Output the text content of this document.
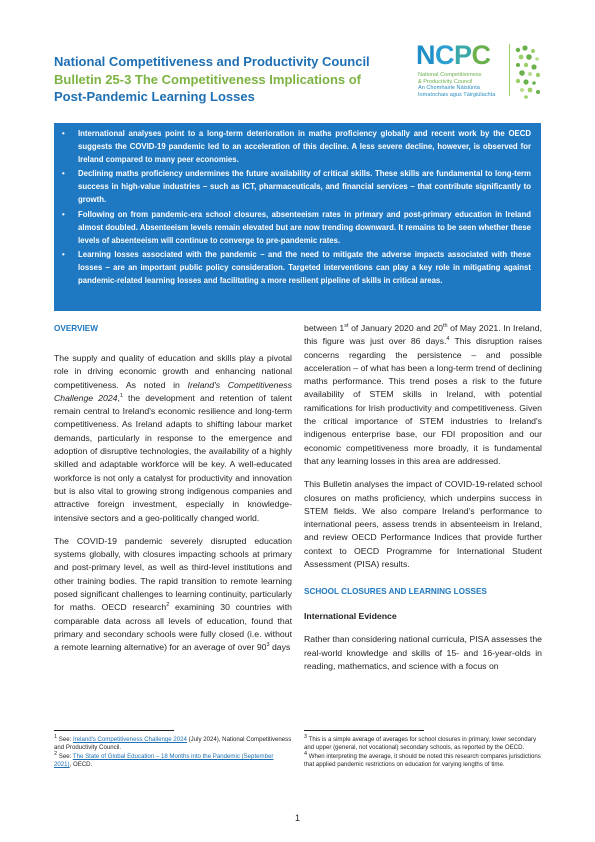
National Competitiveness and Productivity Council
Bulletin 25-3 The Competitiveness Implications of
Post-Pandemic Learning Losses
NCPC
National Competitiveness
& Productivity Council
An Chomhairle Náisiúnta
Iomaíochais agus Táirgiúlachta
• International analyses point to a long-term deterioration in maths proficiency globally and recent work by the OECD suggests the COVID-19 pandemic led to an acceleration of this decline. A less severe decline, however, is observed for Ireland compared to many peer economies.
• Declining maths proficiency undermines the future availability of critical skills. These skills are fundamental to long-term success in high-value industries – such as ICT, pharmaceuticals, and financial services – that contribute significantly to growth.
• Following on from pandemic-era school closures, absenteeism rates in primary and post-primary education in Ireland almost doubled. Absenteeism levels remain elevated but are now trending downward. It remains to be seen whether these levels of absenteeism will continue to converge to pre-pandemic rates.
• Learning losses associated with the pandemic – and the need to mitigate the adverse impacts associated with these losses – are an important public policy consideration. Targeted interventions can play a key role in mitigating against pandemic-related learning losses and facilitating a more resilient pipeline of skills in critical areas.
OVERVIEW

The supply and quality of education and skills play a pivotal role in driving economic growth and enhancing national competitiveness. As noted in Ireland's Competitiveness Challenge 2024,$^1$ the development and retention of talent remain central to Ireland's economic resilience and long-term competitiveness. As Ireland adapts to shifting labour market demands, particularly in response to the emergence and adoption of disruptive technologies, the availability of a highly skilled and adaptable workforce will be key. A well-educated workforce is not only a catalyst for productivity and innovation but is also vital to growing strong indigenous companies and attractive foreign investment, especially in knowledge-intensive sectors and a geo-politically changed world.

The COVID-19 pandemic severely disrupted education systems globally, with closures impacting schools at primary and post-primary level, as well as third-level institutions and other training bodies. The rapid transition to remote learning posed significant challenges to learning continuity, particularly for maths. OECD research$^2$ examining 30 countries with comparable data across all levels of education, found that primary and secondary schools were fully closed (i.e. without a remote learning alternative) for an average of over $90^3$ days

between 1st of January 2020 and 20th of May 2021. In Ireland, this figure was just over 86 days.$^4$ This disruption raises concerns regarding the persistence – and possible acceleration – of what has been a long-term trend of declining maths performance. This trend poses a risk to the future availability of STEM skills in Ireland, with potential ramifications for Irish productivity and competitiveness. Given the critical importance of STEM industries to Ireland's indigenous enterprise base, our FDI proposition and our economic competitiveness more broadly, it is fundamental that any learning losses in this area are addressed.

This Bulletin analyses the impact of COVID-19-related school closures on maths proficiency, which underpins success in STEM fields. We also compare Ireland's performance to international peers, assess trends in absenteeism in Ireland, and review OECD Performance Indices that provide further context to OECD Programme for International Student Assessment (PISA) results.

SCHOOL CLOSURES AND LEARNING LOSSES
International Evidence

Rather than considering national curricula, PISA assesses the real-world knowledge and skills of 15- and 16-year-olds in reading, mathematics, and science with a focus on

1 See: Ireland's Competitiveness Challenge 2024 (July 2024), National Competitiveness and Productivity Council.

2 See: The State of Global Education – 18 Months into the Pandemic (September 2021), OECD.

3 This is a simple average of averages for school closures in primary, lower secondary and upper (general, not vocational) secondary schools, as reported by the OECD.

4 When interpreting the average, it should be noted this research compares jurisdictions that applied pandemic restrictions on education for varying lengths of time.

1
